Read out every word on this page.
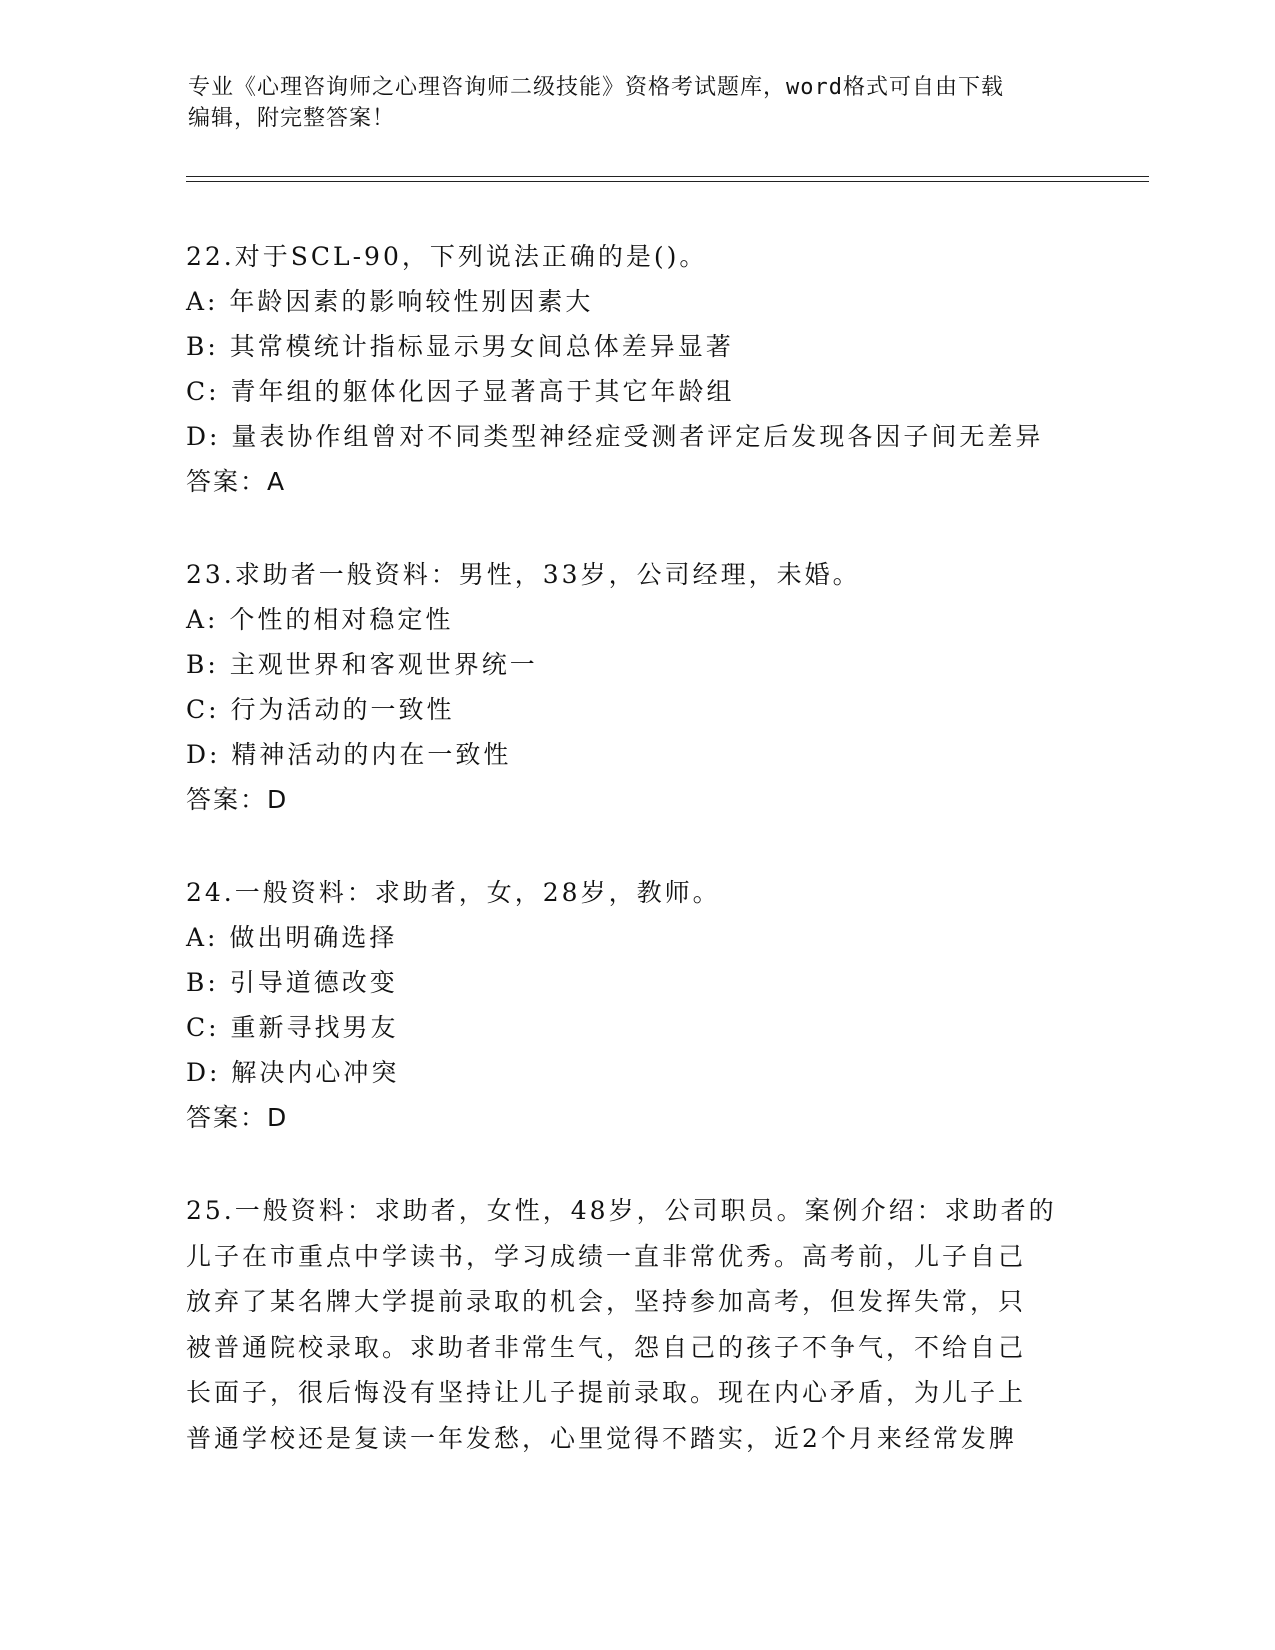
专业《心理咨询师之心理咨询师二级技能》资格考试题库，word格式可自由下载
编辑，附完整答案！
22.对于SCL-90，下列说法正确的是()。
A: 年龄因素的影响较性别因素大
B: 其常模统计指标显示男女间总体差异显著
C: 青年组的躯体化因子显著高于其它年龄组
D: 量表协作组曾对不同类型神经症受测者评定后发现各因子间无差异
答案：A
23.求助者一般资料：男性，33岁，公司经理，未婚。
A: 个性的相对稳定性
B: 主观世界和客观世界统一
C: 行为活动的一致性
D: 精神活动的内在一致性
答案：D
24.一般资料：求助者，女，28岁，教师。
A: 做出明确选择
B: 引导道德改变
C: 重新寻找男友
D: 解决内心冲突
答案：D
25.一般资料：求助者，女性，48岁，公司职员。案例介绍：求助者的
儿子在市重点中学读书，学习成绩一直非常优秀。高考前，儿子自己
放弃了某名牌大学提前录取的机会，坚持参加高考，但发挥失常，只
被普通院校录取。求助者非常生气，怨自己的孩子不争气，不给自己
长面子，很后悔没有坚持让儿子提前录取。现在内心矛盾，为儿子上
普通学校还是复读一年发愁，心里觉得不踏实，近2个月来经常发脾
